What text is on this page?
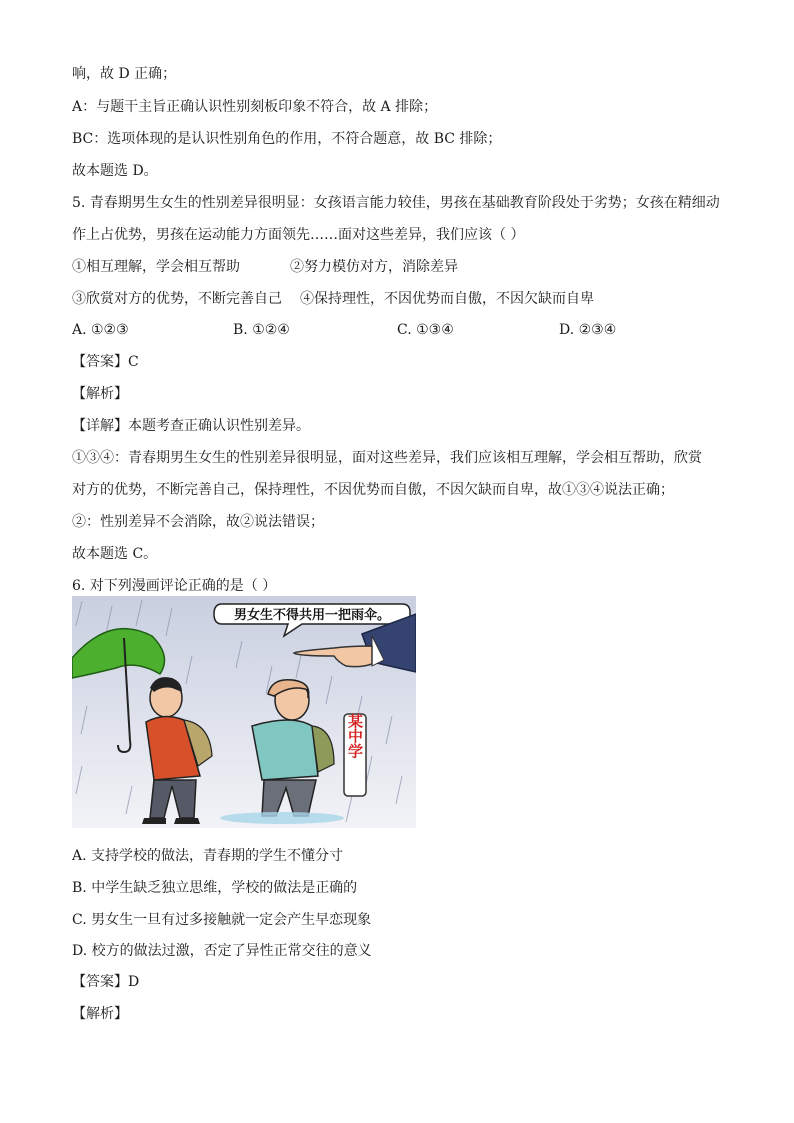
响，故 D 正确；
A：与题干主旨正确认识性别刻板印象不符合，故 A 排除；
BC：选项体现的是认识性别角色的作用，不符合题意，故 BC 排除；
故本题选 D。
5. 青春期男生女生的性别差异很明显：女孩语言能力较佳，男孩在基础教育阶段处于劣势；女孩在精细动
作上占优势，男孩在运动能力方面领先……面对这些差异，我们应该（ ）
①相互理解，学会相互帮助	②努力模仿对方，消除差异
③欣赏对方的优势，不断完善自己 ④保持理性，不因优势而自傲，不因欠缺而自卑
A. ①②③	B. ①②④	C. ①③④	D. ②③④
【答案】C
【解析】
【详解】本题考查正确认识性别差异。
①③④：青春期男生女生的性别差异很明显，面对这些差异，我们应该相互理解，学会相互帮助，欣赏
对方的优势，不断完善自己，保持理性，不因优势而自傲，不因欠缺而自卑，故①③④说法正确；
②：性别差异不会消除，故②说法错误；
故本题选 C。
6. 对下列漫画评论正确的是（ ）
男女生不得共用一把雨伞。
某中学
A. 支持学校的做法，青春期的学生不懂分寸
B. 中学生缺乏独立思维，学校的做法是正确的
C. 男女生一旦有过多接触就一定会产生早恋现象
D. 校方的做法过激，否定了异性正常交往的意义
【答案】D
【解析】
